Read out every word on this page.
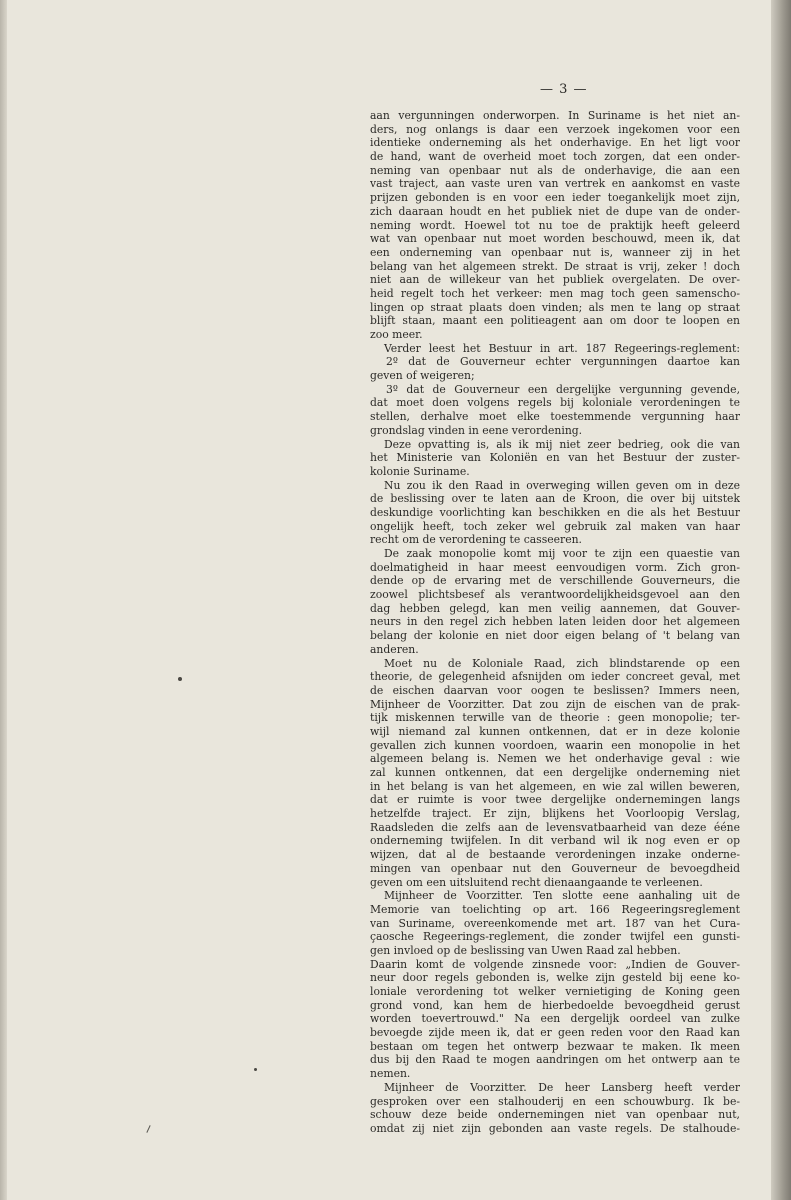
— 3 —
aan vergunningen onderworpen. In Suriname is het niet an-
ders, nog onlangs is daar een verzoek ingekomen voor een
identieke onderneming als het onderhavige. En het ligt voor
de hand, want de overheid moet toch zorgen, dat een onder-
neming van openbaar nut als de onderhavige, die aan een
vast traject, aan vaste uren van vertrek en aankomst en vaste
prijzen gebonden is en voor een ieder toegankelijk moet zijn,
zich daaraan houdt en het publiek niet de dupe van de onder-
neming wordt. Hoewel tot nu toe de praktijk heeft geleerd
wat van openbaar nut moet worden beschouwd, meen ik, dat
een onderneming van openbaar nut is, wanneer zij in het
belang van het algemeen strekt. De straat is vrij, zeker ! doch
niet aan de willekeur van het publiek overgelaten. De over-
heid regelt toch het verkeer: men mag toch geen samenscho-
lingen op straat plaats doen vinden; als men te lang op straat
blijft staan, maant een politieagent aan om door te loopen en
zoo meer.
Verder leest het Bestuur in art. 187 Regeerings-reglement:
2º dat de Gouverneur echter vergunningen daartoe kan
geven of weigeren;
3º dat de Gouverneur een dergelijke vergunning gevende,
dat moet doen volgens regels bij koloniale verordeningen te
stellen, derhalve moet elke toestemmende vergunning haar
grondslag vinden in eene verordening.
Deze opvatting is, als ik mij niet zeer bedrieg, ook die van
het Ministerie van Koloniën en van het Bestuur der zuster-
kolonie Suriname.
Nu zou ik den Raad in overweging willen geven om in deze
de beslissing over te laten aan de Kroon, die over bij uitstek
deskundige voorlichting kan beschikken en die als het Bestuur
ongelijk heeft, toch zeker wel gebruik zal maken van haar
recht om de verordening te casseeren.
De zaak monopolie komt mij voor te zijn een quaestie van
doelmatigheid in haar meest eenvoudigen vorm. Zich gron-
dende op de ervaring met de verschillende Gouverneurs, die
zoowel plichtsbesef als verantwoordelijkheidsgevoel aan den
dag hebben gelegd, kan men veilig aannemen, dat Gouver-
neurs in den regel zich hebben laten leiden door het algemeen
belang der kolonie en niet door eigen belang of 't belang van
anderen.
Moet nu de Koloniale Raad, zich blindstarende op een
theorie, de gelegenheid afsnijden om ieder concreet geval, met
de eischen daarvan voor oogen te beslissen? Immers neen,
Mijnheer de Voorzitter. Dat zou zijn de eischen van de prak-
tijk miskennen terwille van de theorie : geen monopolie; ter-
wijl niemand zal kunnen ontkennen, dat er in deze kolonie
gevallen zich kunnen voordoen, waarin een monopolie in het
algemeen belang is. Nemen we het onderhavige geval : wie
zal kunnen ontkennen, dat een dergelijke onderneming niet
in het belang is van het algemeen, en wie zal willen beweren,
dat er ruimte is voor twee dergelijke ondernemingen langs
hetzelfde traject. Er zijn, blijkens het Voorloopig Verslag,
Raadsleden die zelfs aan de levensvatbaarheid van deze ééne
onderneming twijfelen. In dit verband wil ik nog even er op
wijzen, dat al de bestaande verordeningen inzake onderne-
mingen van openbaar nut den Gouverneur de bevoegdheid
geven om een uitsluitend recht dienaangaande te verleenen.
Mijnheer de Voorzitter. Ten slotte eene aanhaling uit de
Memorie van toelichting op art. 166 Regeeringsreglement
van Suriname, overeenkomende met art. 187 van het Cura-
çaosche Regeerings-reglement, die zonder twijfel een gunsti-
gen invloed op de beslissing van Uwen Raad zal hebben.
Daarin komt de volgende zinsnede voor: „Indien de Gouver-
neur door regels gebonden is, welke zijn gesteld bij eene ko-
loniale verordening tot welker vernietiging de Koning geen
grond vond, kan hem de hierbedoelde bevoegdheid gerust
worden toevertrouwd." Na een dergelijk oordeel van zulke
bevoegde zijde meen ik, dat er geen reden voor den Raad kan
bestaan om tegen het ontwerp bezwaar te maken. Ik meen
dus bij den Raad te mogen aandringen om het ontwerp aan te
nemen.
Mijnheer de Voorzitter. De heer Lansberg heeft verder
gesproken over een stalhouderij en een schouwburg. Ik be-
schouw deze beide ondernemingen niet van openbaar nut,
omdat zij niet zijn gebonden aan vaste regels. De stalhoude-
